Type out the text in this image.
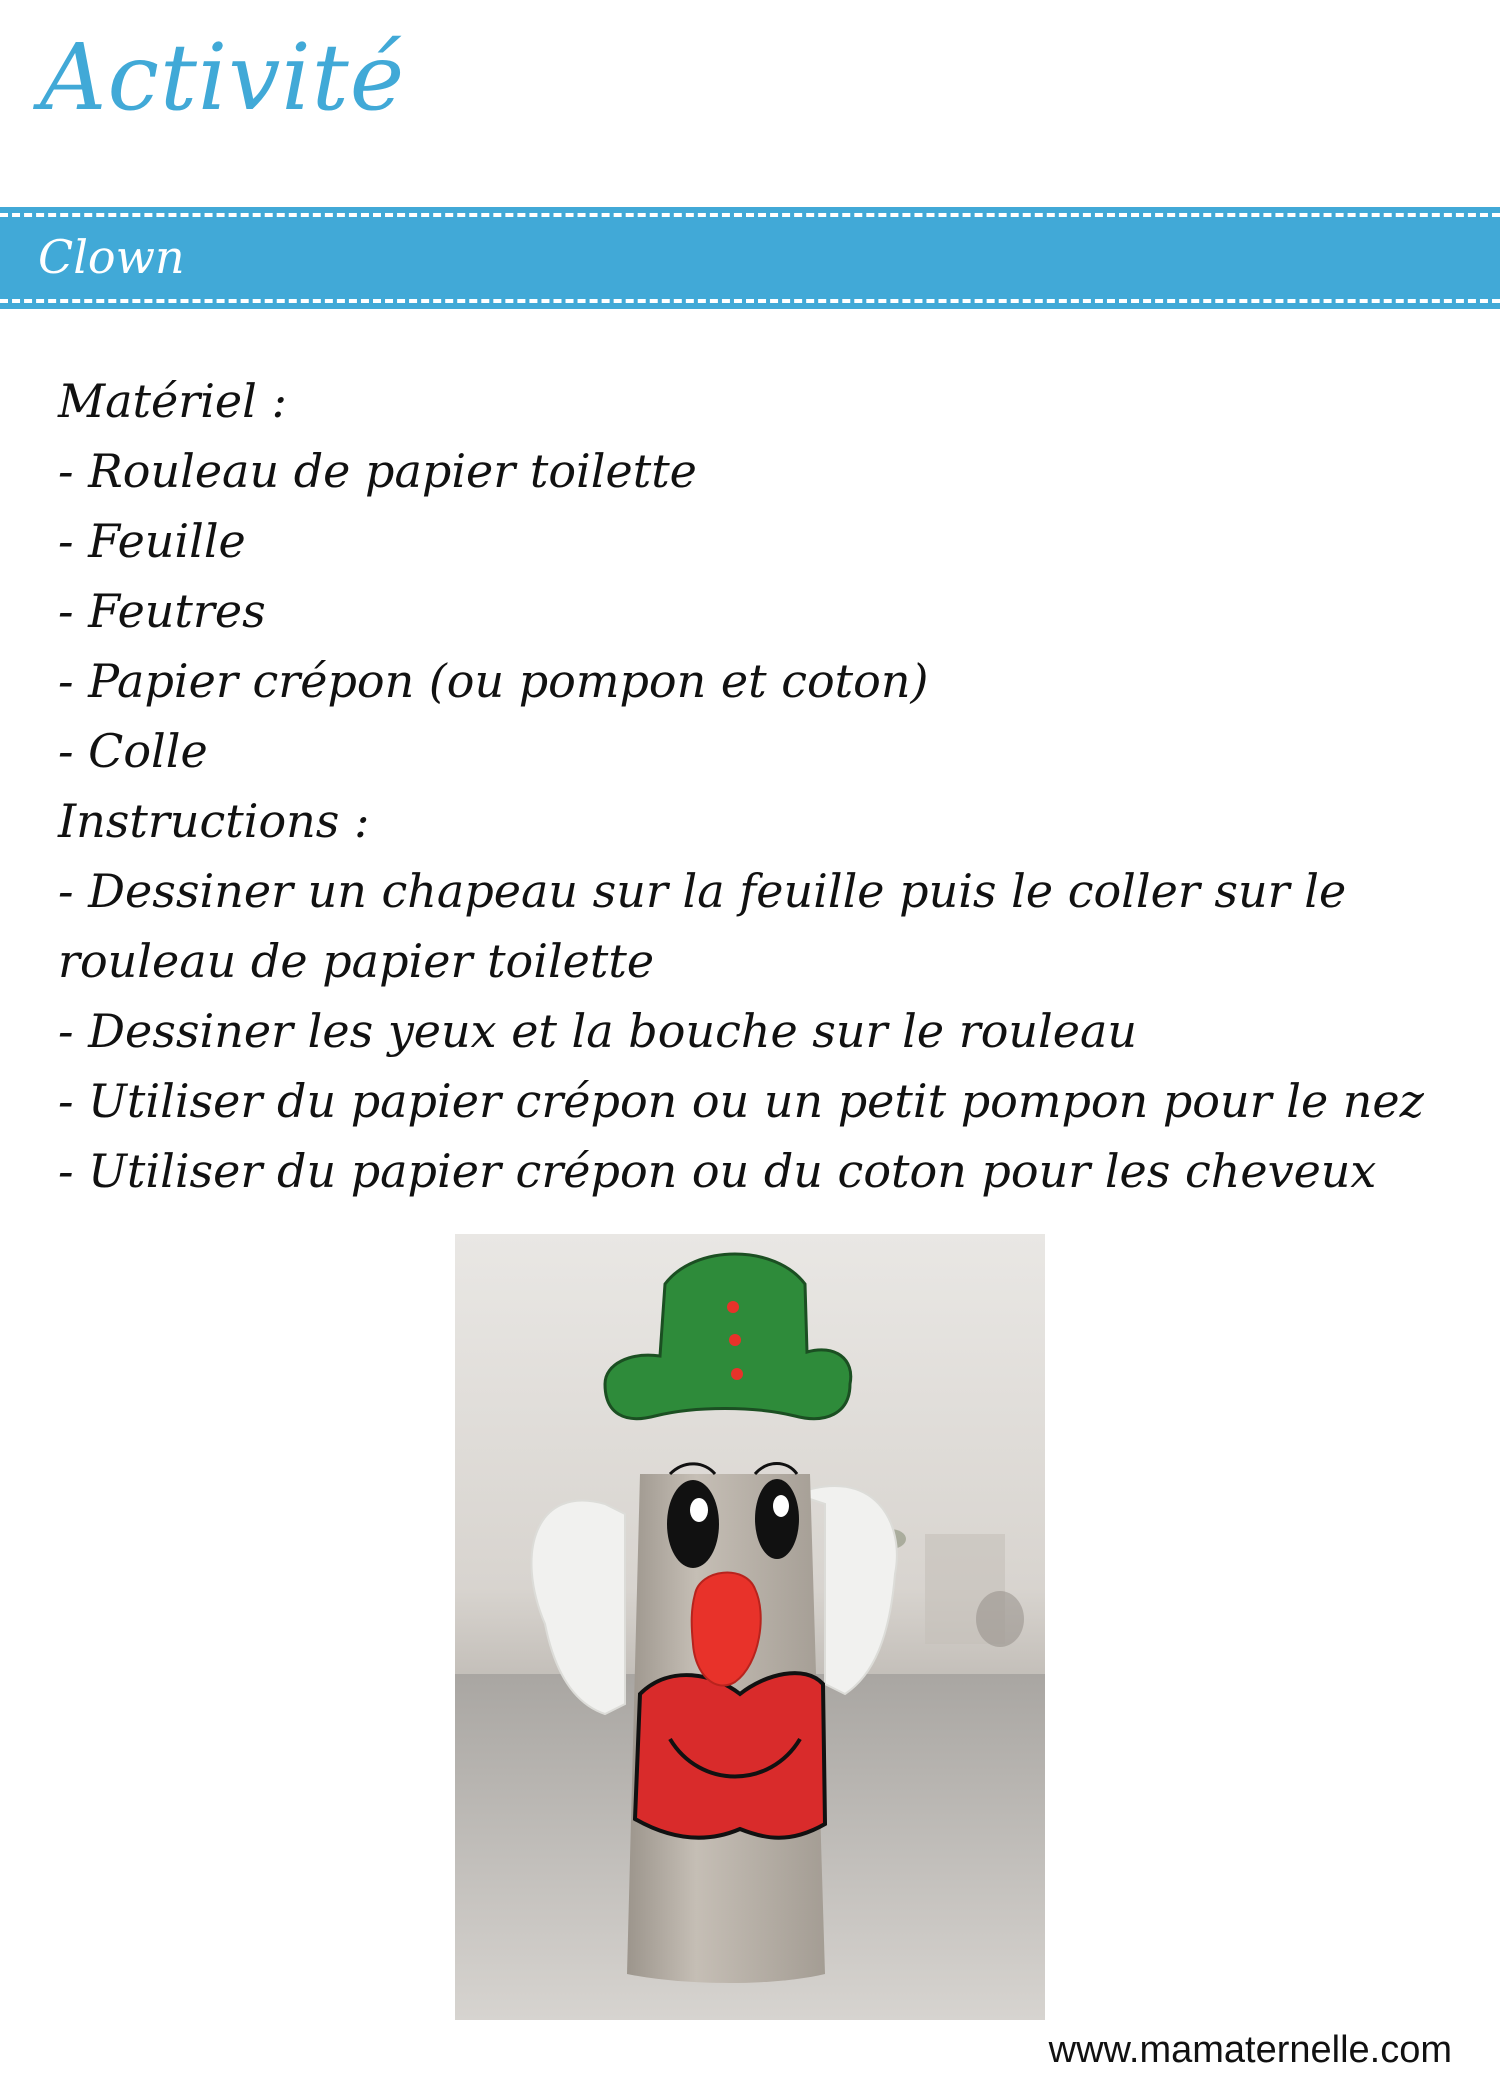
Activité
Clown
Matériel :
- Rouleau de papier toilette
- Feuille
- Feutres
- Papier crépon (ou pompon et coton)
- Colle
Instructions :
- Dessiner un chapeau sur la feuille puis le coller sur le rouleau de papier toilette
- Dessiner les yeux et la bouche sur le rouleau
- Utiliser du papier crépon ou un petit pompon pour le nez
- Utiliser du papier crépon ou du coton pour les cheveux
www.mamaternelle.com
